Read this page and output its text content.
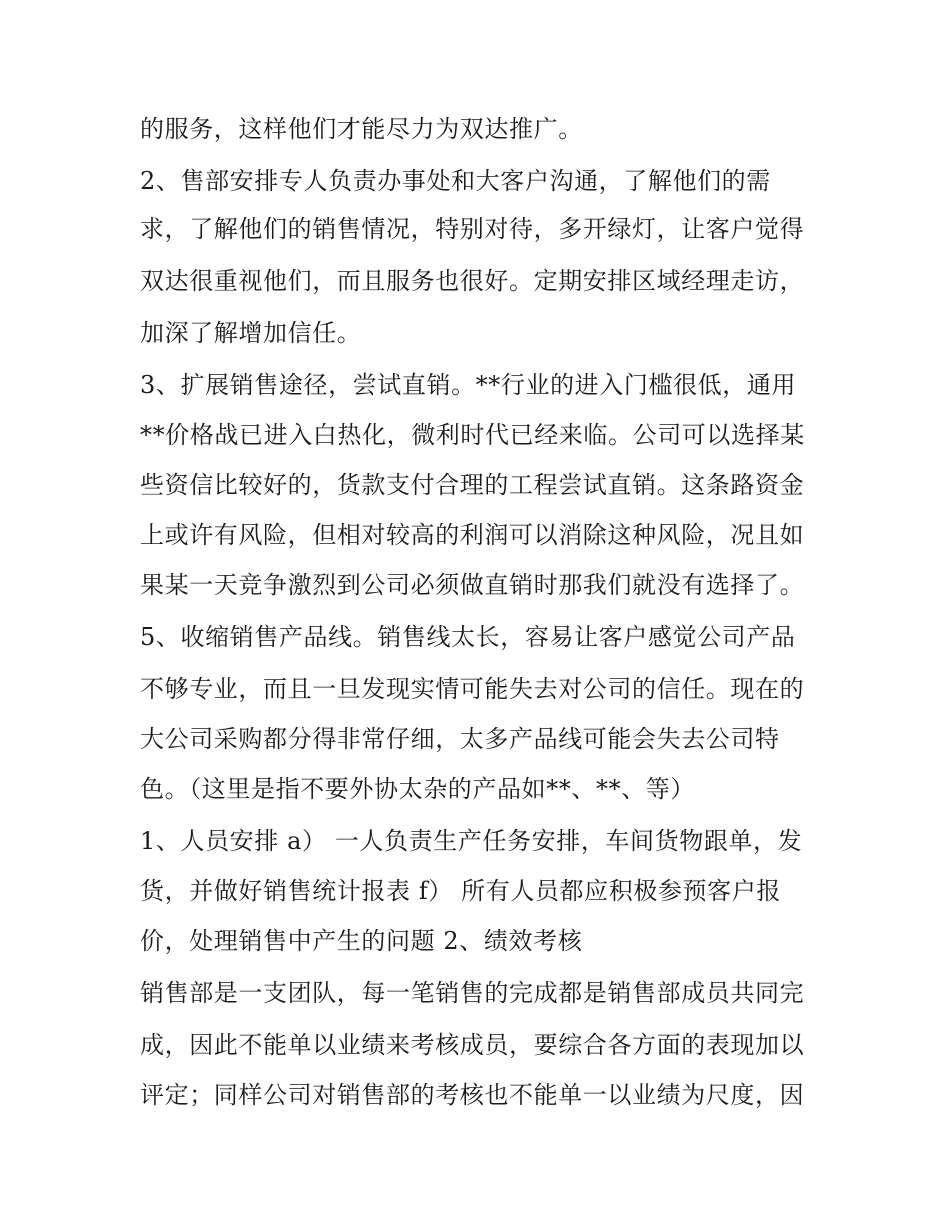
的服务，这样他们才能尽力为双达推广。
2、售部安排专人负责办事处和大客户沟通，了解他们的需
求，了解他们的销售情况，特别对待，多开绿灯，让客户觉得
双达很重视他们，而且服务也很好。定期安排区域经理走访，
加深了解增加信任。
3、扩展销售途径，尝试直销。**行业的进入门槛很低，通用
**价格战已进入白热化，微利时代已经来临。公司可以选择某
些资信比较好的，货款支付合理的工程尝试直销。这条路资金
上或许有风险，但相对较高的利润可以消除这种风险，况且如
果某一天竞争激烈到公司必须做直销时那我们就没有选择了。
5、收缩销售产品线。销售线太长，容易让客户感觉公司产品
不够专业，而且一旦发现实情可能失去对公司的信任。现在的
大公司采购都分得非常仔细，太多产品线可能会失去公司特
色。（这里是指不要外协太杂的产品如**、**、等）
1、人员安排 a） 一人负责生产任务安排，车间货物跟单，发
货，并做好销售统计报表 f） 所有人员都应积极参预客户报
价，处理销售中产生的问题 2、绩效考核
销售部是一支团队，每一笔销售的完成都是销售部成员共同完
成，因此不能单以业绩来考核成员，要综合各方面的表现加以
评定；同样公司对销售部的考核也不能单一以业绩为尺度，因
